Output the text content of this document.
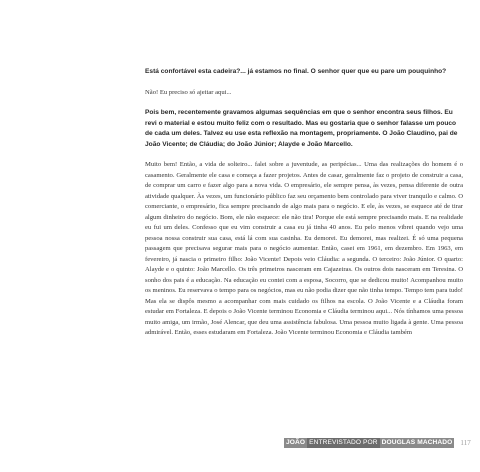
Está confortável esta cadeira?... já estamos no final. O senhor quer que eu pare um pouquinho?

Não! Eu preciso só ajeitar aqui...

Pois bem, recentemente gravamos algumas sequências em que o senhor encontra seus filhos. Eu revi o material e estou muito feliz com o resultado. Mas eu gostaria que o senhor falasse um pouco de cada um deles. Talvez eu use esta reflexão na montagem, propriamente. O João Claudino, pai de João Vicente; de Cláudia; do João Júnior; Alayde e João Marcello.

Muito bem! Então, a vida de solteiro... falei sobre a juventude, as peripécias... Uma das realizações do homem é o casamento. Geralmente ele casa e começa a fazer projetos. Antes de casar, geralmente faz o projeto de construir a casa, de comprar um carro e fazer algo para a nova vida. O empresário, ele sempre pensa, às vezes, pensa diferente de outra atividade qualquer. Às vezes, um funcionário público faz seu orçamento bem controlado para viver tranquilo e calmo. O comerciante, o empresário, fica sempre precisando de algo mais para o negócio. E ele, às vezes, se esquece até de tirar algum dinheiro do negócio. Bom, ele não esquece: ele não tira! Porque ele está sempre precisando mais. E na realidade eu fui um deles. Confesso que eu vim construir a casa eu já tinha 40 anos. Eu pelo menos vibrei quando vejo uma pessoa nossa construir sua casa, está lá com sua casinha. Eu demorei. Eu demorei, mas realizei. É só uma pequena passagem que precisava segurar mais para o negócio aumentar. Então, casei em 1961, em dezembro. Em 1963, em fevereiro, já nascia o primeiro filho: João Vicente! Depois veio Cláudia: a segunda. O terceiro: João Júnior. O quarto: Alayde e o quinto: João Marcello. Os três primeiros nasceram em Cajazeiras. Os outros dois nasceram em Teresina. O sonho dos pais é a educação. Na educação eu contei com a esposa, Socorro, que se dedicou muito! Acompanhou muito os meninos. Eu reservava o tempo para os negócios, mas eu não podia dizer que não tinha tempo. Tempo tem para tudo! Mas ela se dispôs mesmo a acompanhar com mais cuidado os filhos na escola. O João Vicente e a Cláudia foram estudar em Fortaleza. E depois o João Vicente terminou Economia e Cláudia terminou aqui... Nós tínhamos uma pessoa muito amiga, um irmão, José Alencar, que deu uma assistência fabulosa. Uma pessoa muito ligada à gente. Uma pessoa admirável. Então, esses estudaram em Fortaleza. João Vicente terminou Economia e Cláudia também

JOÃO ENTREVISTADO POR DOUGLAS MACHADO 117
